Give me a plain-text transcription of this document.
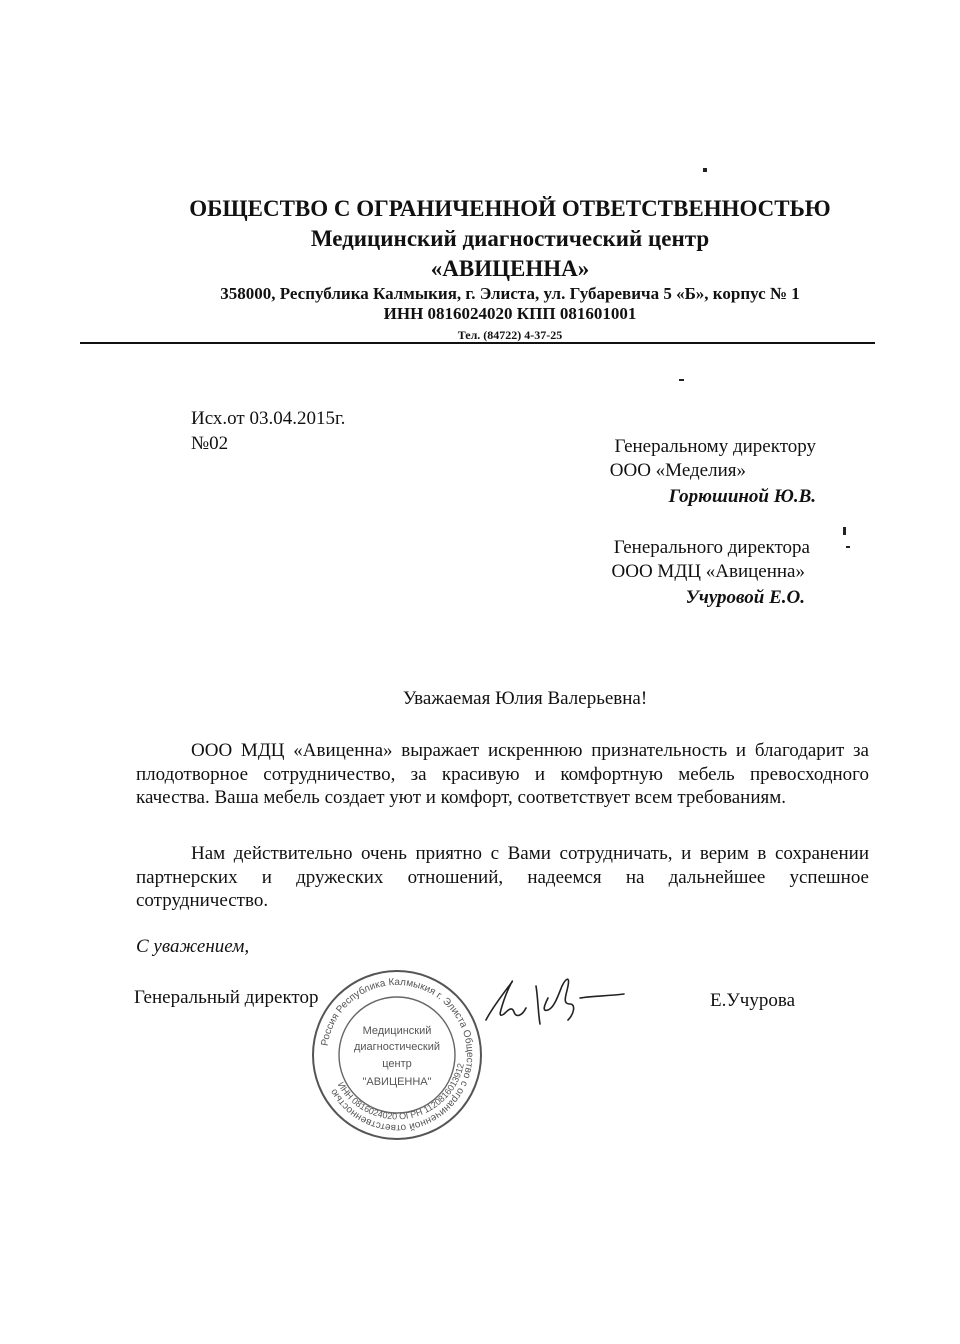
ОБЩЕСТВО С ОГРАНИЧЕННОЙ ОТВЕТСТВЕННОСТЬЮ
Медицинский диагностический центр
«АВИЦЕННА»
358000, Республика Калмыкия, г. Элиста, ул. Губаревича 5 «Б», корпус № 1
ИНН 0816024020 КПП 081601001
Тел. (84722) 4-37-25
Исх.от 03.04.2015г.
№02	Генеральному директору
ООО «Меделия»
Горюшиной Ю.В.
Генерального директора
ООО МДЦ «Авиценна»
Учуровой Е.О.
Уважаемая Юлия Валерьевна!
ООО МДЦ «Авиценна» выражает искреннюю признательность и благодарит за плодотворное сотрудничество, за красивую и комфортную мебель превосходного качества. Ваша мебель создает уют и комфорт, соответствует всем требованиям.
Нам действительно очень приятно с Вами сотрудничать, и верим в сохранении партнерских и дружеских отношений, надеемся на дальнейшее успешное сотрудничество.
С уважением,
Генеральный директор	Е.Учурова
Россия Республика Калмыкия г. Элиста Общество с ограниченной ответственностью
ИНН 0816024020 ОГРН 1120816013912
Медицинский
диагностический
центр
"АВИЦЕННА"
